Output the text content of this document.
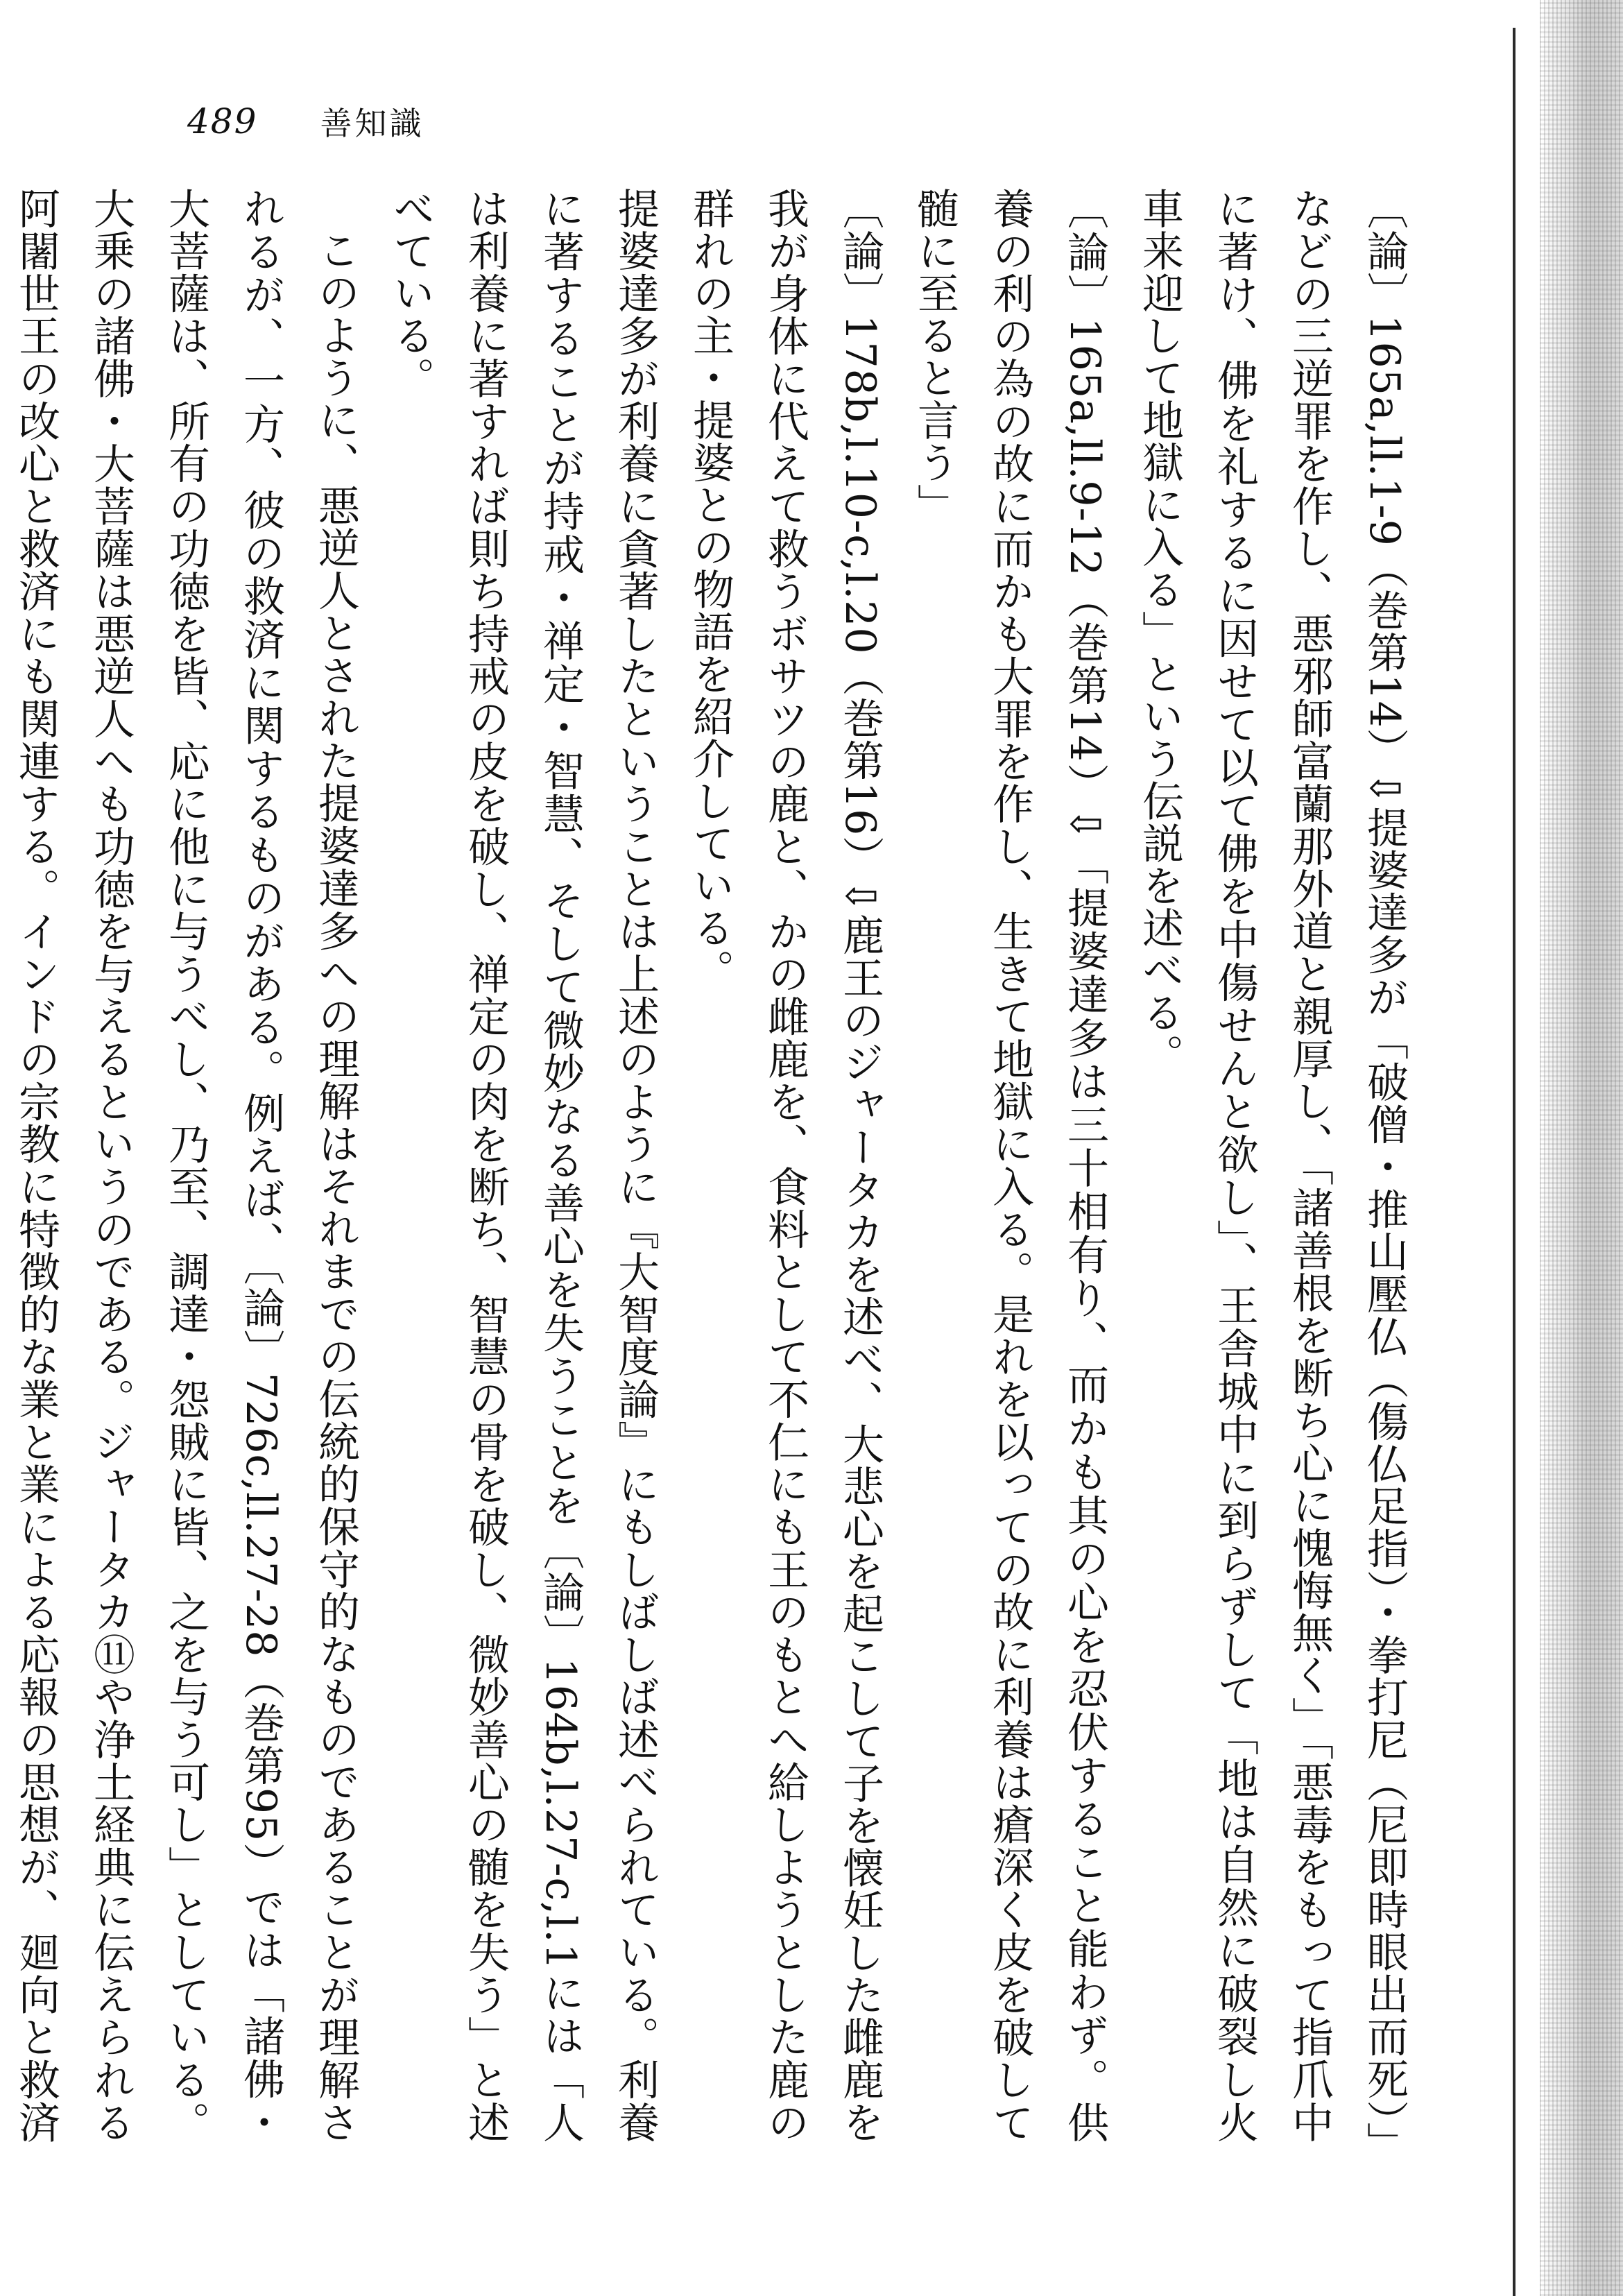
489 善知識

〔論〕165a,ll.1-9（巻第14）⇩提婆達多が「破僧・推山壓仏（傷仏足指）・拳打尼（尼即時眼出而死）」などの三逆罪を作し、悪邪師富蘭那外道と親厚し、「諸善根を断ち心に愧悔無く」「悪毒をもって指爪中に著け、佛を礼するに因せて以て佛を中傷せんと欲し」、王舎城中に到らずして「地は自然に破裂し火車来迎して地獄に入る」という伝説を述べる。

〔論〕165a,ll.9-12（巻第14）⇩「提婆達多は三十相有り、而かも其の心を忍伏すること能わず。供養の利の為の故に而かも大罪を作し、生きて地獄に入る。是れを以っての故に利養は瘡深く皮を破して髄に至ると言う」

〔論〕178b,l.10-c,l.20（巻第16）⇩鹿王のジャータカを述べ、大悲心を起こして子を懐妊した雌鹿を我が身体に代えて救うボサツの鹿と、かの雌鹿を、食料として不仁にも王のもとへ給しようとした鹿の群れの主・提婆との物語を紹介している。

提婆達多が利養に貪著したということは上述のように『大智度論』にもしばしば述べられている。利養に著することが持戒・禅定・智慧、そして微妙なる善心を失うことを〔論〕164b,l.27-c,l.1には「人は利養に著すれば則ち持戒の皮を破し、禅定の肉を断ち、智慧の骨を破し、微妙善心の髄を失う」と述べている。

このように、悪逆人とされた提婆達多への理解はそれまでの伝統的保守的なものであることが理解されるが、一方、彼の救済に関するものがある。例えば、〔論〕726c,ll.27-28（巻第95）では「諸佛・大菩薩は、所有の功徳を皆、応に他に与うべし、乃至、調達・怨賊に皆、之を与う可し」としている。大乗の諸佛・大菩薩は悪逆人へも功徳を与えるというのである。ジャータカ⑪や浄土経典に伝えられる阿闍世王の改心と救済にも関連する。インドの宗教に特徴的な業と業による応報の思想が、廻向と救済
